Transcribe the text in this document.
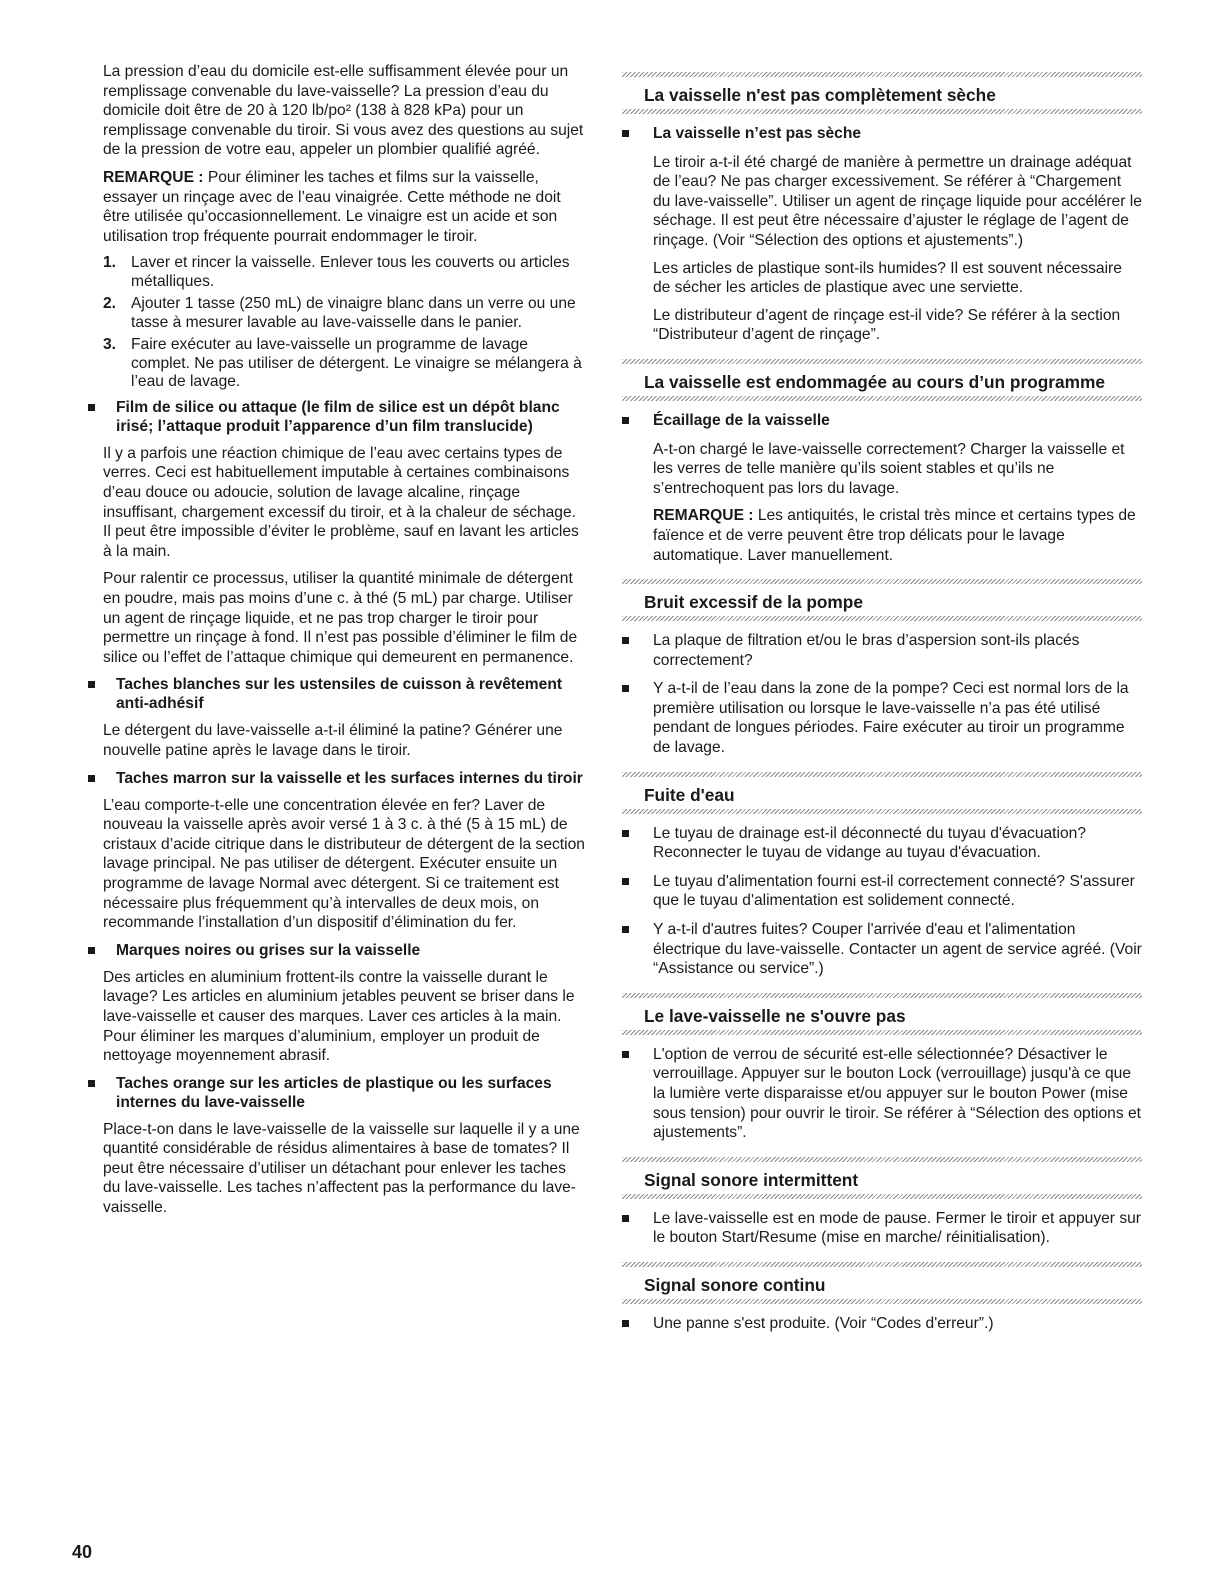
La pression d’eau du domicile est-elle suffisamment élevée pour un remplissage convenable du lave-vaisselle? La pression d’eau du domicile doit être de 20 à 120 lb/po² (138 à 828 kPa) pour un remplissage convenable du tiroir. Si vous avez des questions au sujet de la pression de votre eau, appeler un plombier qualifié agréé.

REMARQUE : Pour éliminer les taches et films sur la vaisselle, essayer un rinçage avec de l’eau vinaigrée. Cette méthode ne doit être utilisée qu’occasionnellement. Le vinaigre est un acide et son utilisation trop fréquente pourrait endommager le tiroir.

1. Laver et rincer la vaisselle. Enlever tous les couverts ou articles métalliques.
2. Ajouter 1 tasse (250 mL) de vinaigre blanc dans un verre ou une tasse à mesurer lavable au lave-vaisselle dans le panier.
3. Faire exécuter au lave-vaisselle un programme de lavage complet. Ne pas utiliser de détergent. Le vinaigre se mélangera à l’eau de lavage.
Film de silice ou attaque (le film de silice est un dépôt blanc irisé; l’attaque produit l’apparence d’un film translucide)

Il y a parfois une réaction chimique de l’eau avec certains types de verres. Ceci est habituellement imputable à certaines combinaisons d’eau douce ou adoucie, solution de lavage alcaline, rinçage insuffisant, chargement excessif du tiroir, et à la chaleur de séchage. Il peut être impossible d’éviter le problème, sauf en lavant les articles à la main.

Pour ralentir ce processus, utiliser la quantité minimale de détergent en poudre, mais pas moins d’une c. à thé (5 mL) par charge. Utiliser un agent de rinçage liquide, et ne pas trop charger le tiroir pour permettre un rinçage à fond. Il n’est pas possible d’éliminer le film de silice ou l’effet de l’attaque chimique qui demeurent en permanence.

Taches blanches sur les ustensiles de cuisson à revêtement anti-adhésif

Le détergent du lave-vaisselle a-t-il éliminé la patine? Générer une nouvelle patine après le lavage dans le tiroir.

Taches marron sur la vaisselle et les surfaces internes du tiroir

L’eau comporte-t-elle une concentration élevée en fer? Laver de nouveau la vaisselle après avoir versé 1 à 3 c. à thé (5 à 15 mL) de cristaux d’acide citrique dans le distributeur de détergent de la section lavage principal. Ne pas utiliser de détergent. Exécuter ensuite un programme de lavage Normal avec détergent. Si ce traitement est nécessaire plus fréquemment qu’à intervalles de deux mois, on recommande l’installation d’un dispositif d’élimination du fer.

Marques noires ou grises sur la vaisselle

Des articles en aluminium frottent-ils contre la vaisselle durant le lavage? Les articles en aluminium jetables peuvent se briser dans le lave-vaisselle et causer des marques. Laver ces articles à la main. Pour éliminer les marques d’aluminium, employer un produit de nettoyage moyennement abrasif.

Taches orange sur les articles de plastique ou les surfaces internes du lave-vaisselle

Place-t-on dans le lave-vaisselle de la vaisselle sur laquelle il y a une quantité considérable de résidus alimentaires à base de tomates? Il peut être nécessaire d’utiliser un détachant pour enlever les taches du lave-vaisselle. Les taches n’affectent pas la performance du lave-vaisselle.

La vaisselle n'est pas complètement sèche
La vaisselle n’est pas sèche

Le tiroir a-t-il été chargé de manière à permettre un drainage adéquat de l’eau? Ne pas charger excessivement. Se référer à “Chargement du lave-vaisselle”. Utiliser un agent de rinçage liquide pour accélérer le séchage. Il est peut être nécessaire d’ajuster le réglage de l’agent de rinçage. (Voir “Sélection des options et ajustements”.)

Les articles de plastique sont-ils humides? Il est souvent nécessaire de sécher les articles de plastique avec une serviette.

Le distributeur d’agent de rinçage est-il vide? Se référer à la section “Distributeur d’agent de rinçage”.

La vaisselle est endommagée au cours d’un programme
Écaillage de la vaisselle

A-t-on chargé le lave-vaisselle correctement? Charger la vaisselle et les verres de telle manière qu’ils soient stables et qu’ils ne s’entrechoquent pas lors du lavage.

REMARQUE : Les antiquités, le cristal très mince et certains types de faïence et de verre peuvent être trop délicats pour le lavage automatique. Laver manuellement.

Bruit excessif de la pompe
La plaque de filtration et/ou le bras d’aspersion sont-ils placés correctement?
Y a-t-il de l’eau dans la zone de la pompe? Ceci est normal lors de la première utilisation ou lorsque le lave-vaisselle n’a pas été utilisé pendant de longues périodes. Faire exécuter au tiroir un programme de lavage.
Fuite d'eau
Le tuyau de drainage est-il déconnecté du tuyau d'évacuation? Reconnecter le tuyau de vidange au tuyau d'évacuation.
Le tuyau d'alimentation fourni est-il correctement connecté? S'assurer que le tuyau d'alimentation est solidement connecté.
Y a-t-il d'autres fuites? Couper l'arrivée d'eau et l'alimentation électrique du lave-vaisselle. Contacter un agent de service agréé. (Voir “Assistance ou service”.)
Le lave-vaisselle ne s'ouvre pas
L'option de verrou de sécurité est-elle sélectionnée? Désactiver le verrouillage. Appuyer sur le bouton Lock (verrouillage) jusqu'à ce que la lumière verte disparaisse et/ou appuyer sur le bouton Power (mise sous tension) pour ouvrir le tiroir. Se référer à “Sélection des options et ajustements”.
Signal sonore intermittent
Le lave-vaisselle est en mode de pause. Fermer le tiroir et appuyer sur le bouton Start/Resume (mise en marche/ réinitialisation).
Signal sonore continu
Une panne s'est produite. (Voir “Codes d'erreur”.)
40
